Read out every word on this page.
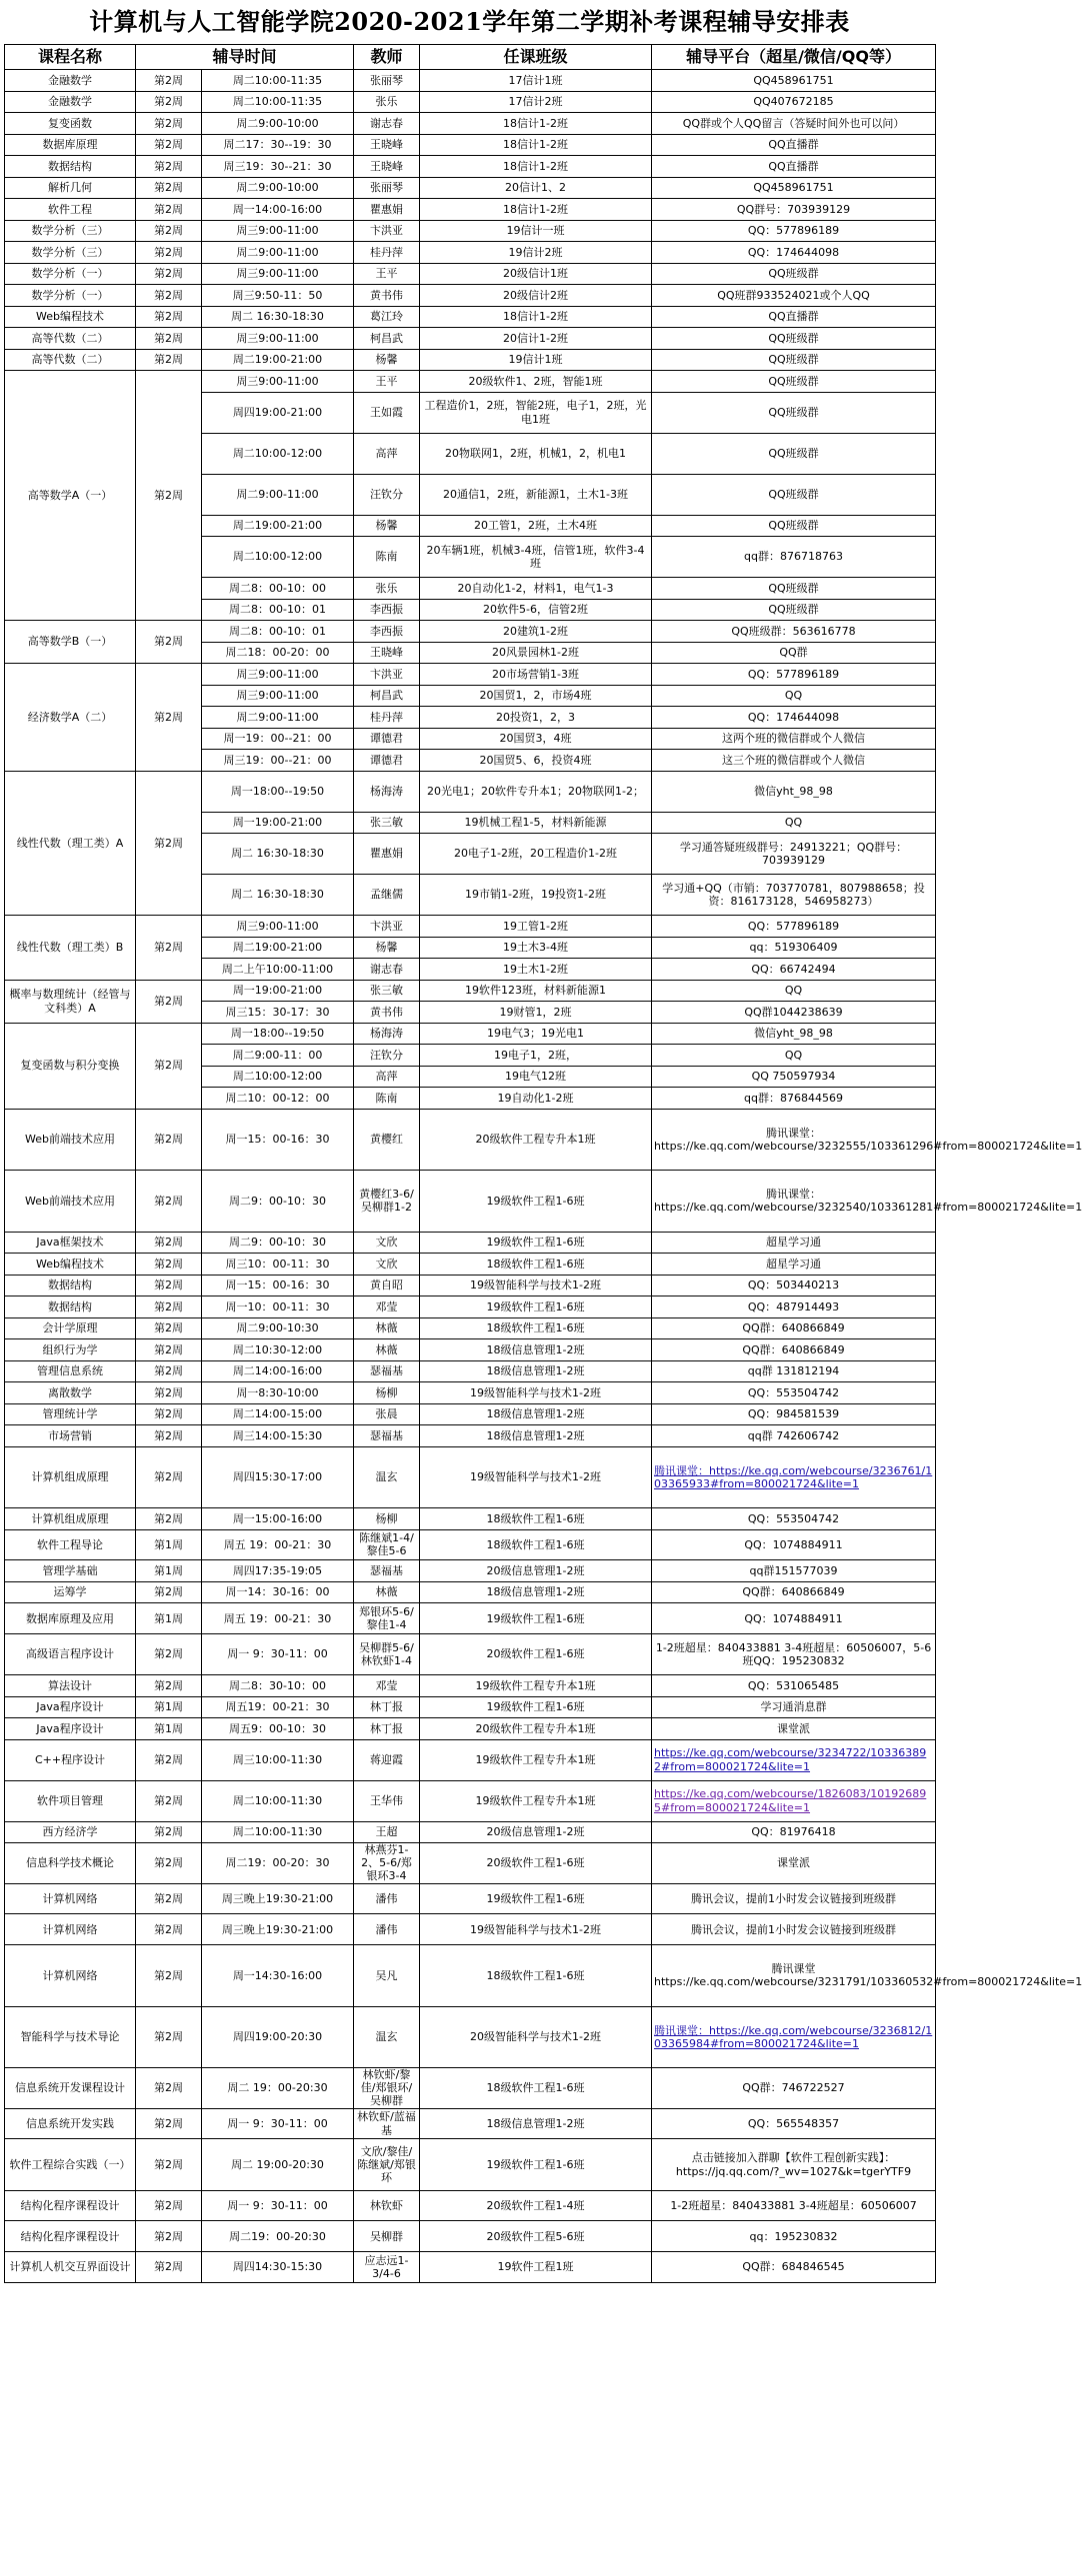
计算机与人工智能学院2020-2021学年第二学期补考课程辅导安排表
课程名称	辅导时间		教师	任课班级	辅导平台（超星/微信/QQ等）
金融数学	第2周	周二10:00-11:35	张丽琴	17信计1班	QQ458961751
金融数学	第2周	周二10:00-11:35	张乐	17信计2班	QQ407672185
复变函数	第2周	周二9:00-10:00	谢志春	18信计1-2班	QQ群或个人QQ留言（答疑时间外也可以问）
数据库原理	第2周	周二17：30--19：30	王晓峰	18信计1-2班	QQ直播群
数据结构	第2周	周三19：30--21：30	王晓峰	18信计1-2班	QQ直播群
解析几何	第2周	周二9:00-10:00	张丽琴	20信计1、2	QQ458961751
软件工程	第2周	周一14:00-16:00	瞿惠娟	18信计1-2班	QQ群号：703939129
数学分析（三）	第2周	周三9:00-11:00	卞洪亚	19信计一班	QQ：577896189
数学分析（三）	第2周	周二9:00-11:00	桂丹萍	19信计2班	QQ：174644098
数学分析（一）	第2周	周三9:00-11:00	王平	20级信计1班	QQ班级群
数学分析（一）	第2周	周三9:50-11：50	黄书伟	20级信计2班	QQ班群933524021或个人QQ
Web编程技术	第2周	周二 16:30-18:30	葛江玲	18信计1-2班	QQ直播群
高等代数（二）	第2周	周三9:00-11:00	柯昌武	20信计1-2班	QQ班级群
高等代数（二）	第2周	周二19:00-21:00	杨馨	19信计1班	QQ班级群
高等数学A（一）	第2周	周三9:00-11:00	王平	20级软件1、2班，智能1班	QQ班级群
		周四19:00-21:00	王如霞	工程造价1，2班，智能2班，电子1，2班，光电1班	QQ班级群
		周二10:00-12:00	高萍	20物联网1，2班，机械1，2，机电1	QQ班级群
		周二9:00-11:00	汪钦分	20通信1，2班，新能源1，土木1-3班	QQ班级群
		周二19:00-21:00	杨馨	20工管1，2班，土木4班	QQ班级群
		周二10:00-12:00	陈南	20车辆1班，机械3-4班，信管1班，软件3-4班	qq群：876718763
		周二8：00-10：00	张乐	20自动化1-2，材料1，电气1-3	QQ班级群
		周二8：00-10：01	李西振	20软件5-6，信管2班	QQ班级群
高等数学B（一）	第2周	周二8：00-10：01	李西振	20建筑1-2班	QQ班级群：563616778
		周二18：00-20：00	王晓峰	20风景园林1-2班	QQ群
经济数学A（二）	第2周	周三9:00-11:00	卞洪亚	20市场营销1-3班	QQ：577896189
		周三9:00-11:00	柯昌武	20国贸1，2，市场4班	QQ
		周二9:00-11:00	桂丹萍	20投资1，2，3	QQ：174644098
		周一19：00--21：00	谭德君	20国贸3，4班	这两个班的微信群或个人微信
		周三19：00--21：00	谭德君	20国贸5、6，投资4班	这三个班的微信群或个人微信
线性代数（理工类）A	第2周	周一18:00--19:50	杨海涛	20光电1；20软件专升本1；20物联网1-2；	微信yht_98_98
		周一19:00-21:00	张三敏	19机械工程1-5，材料新能源	QQ
		周二 16:30-18:30	瞿惠娟	20电子1-2班，20工程造价1-2班	学习通答疑班级群号：24913221；QQ群号：703939129
		周二 16:30-18:30	孟继儒	19市销1-2班，19投资1-2班	学习通+QQ（市销：703770781，807988658；投资：816173128，546958273）
线性代数（理工类）B	第2周	周三9:00-11:00	卞洪亚	19工管1-2班	QQ：577896189
		周二19:00-21:00	杨馨	19土木3-4班	qq：519306409
		周二上午10:00-11:00	谢志春	19土木1-2班	QQ：66742494
概率与数理统计（经管与文科类）A	第2周	周一19:00-21:00	张三敏	19软件123班，材料新能源1	QQ
		周三15：30-17：30	黄书伟	19财管1，2班	QQ群1044238639
复变函数与积分变换	第2周	周一18:00--19:50	杨海涛	19电气3；19光电1	微信yht_98_98
		周二9:00-11：00	汪钦分	19电子1，2班，	QQ
		周二10:00-12:00	高萍	19电气12班	QQ 750597934
		周二10：00-12：00	陈南	19自动化1-2班	qq群：876844569
Web前端技术应用	第2周	周一15：00-16：30	黄樱红	20级软件工程专升本1班	腾讯课堂：https://ke.qq.com/webcourse/3232555/103361296#from=800021724&lite=1
Web前端技术应用	第2周	周二9：00-10：30	黄樱红3-6/吴柳群1-2	19级软件工程1-6班	腾讯课堂：https://ke.qq.com/webcourse/3232540/103361281#from=800021724&lite=1
Java框架技术	第2周	周二9：00-10：30	文欣	19级软件工程1-6班	超星学习通
Web编程技术	第2周	周三10：00-11：30	文欣	18级软件工程1-6班	超星学习通
数据结构	第2周	周一15：00-16：30	黄自昭	19级智能科学与技术1-2班	QQ：503440213
数据结构	第2周	周一10：00-11：30	邓莹	19级软件工程1-6班	QQ：487914493
会计学原理	第2周	周二9:00-10:30	林薇	18级软件工程1-6班	QQ群：640866849
组织行为学	第2周	周二10:30-12:00	林薇	18级信息管理1-2班	QQ群：640866849
管理信息系统	第2周	周二14:00-16:00	瑟福基	18级信息管理1-2班	qq群 131812194
离散数学	第2周	周一8:30-10:00	杨柳	19级智能科学与技术1-2班	QQ：553504742
管理统计学	第2周	周二14:00-15:00	张晨	18级信息管理1-2班	QQ：984581539
市场营销	第2周	周三14:00-15:30	瑟福基	18级信息管理1-2班	qq群 742606742
计算机组成原理	第2周	周四15:30-17:00	温玄	19级智能科学与技术1-2班	腾讯课堂：https://ke.qq.com/webcourse/3236761/103365933#from=800021724&lite=1
计算机组成原理	第2周	周一15:00-16:00	杨柳	18级软件工程1-6班	QQ：553504742
软件工程导论	第1周	周五 19：00-21：30	陈继斌1-4/黎佳5-6	18级软件工程1-6班	QQ：1074884911
管理学基础	第1周	周四17:35-19:05	瑟福基	20级信息管理1-2班	qq群151577039
运筹学	第2周	周一14：30-16：00	林薇	18级信息管理1-2班	QQ群：640866849
数据库原理及应用	第1周	周五 19：00-21：30	郑银环5-6/黎佳1-4	19级软件工程1-6班	QQ：1074884911
高级语言程序设计	第2周	周一 9：30-11：00	吴柳群5-6/林钦虾1-4	20级软件工程1-6班	1-2班超星：840433881 3-4班超星：60506007，5-6班QQ：195230832
算法设计	第2周	周二8：30-10：00	邓莹	19级软件工程专升本1班	QQ：531065485
Java程序设计	第1周	周五19：00-21：30	林丁报	19级软件工程1-6班	学习通消息群
Java程序设计	第1周	周五9：00-10：30	林丁报	20级软件工程专升本1班	课堂派
C++程序设计	第2周	周三10:00-11:30	蒋迎霞	19级软件工程专升本1班	https://ke.qq.com/webcourse/3234722/103363892#from=800021724&lite=1
软件项目管理	第2周	周二10:00-11:30	王华伟	19级软件工程专升本1班	https://ke.qq.com/webcourse/1826083/101926895#from=800021724&lite=1
西方经济学	第2周	周二10:00-11:30	王超	20级信息管理1-2班	QQ：81976418
信息科学技术概论	第2周	周二19：00-20：30	林燕芬1-2、5-6/郑银环3-4	20级软件工程1-6班	课堂派
计算机网络	第2周	周三晚上19:30-21:00	潘伟	19级软件工程1-6班	腾讯会议，提前1小时发会议链接到班级群
计算机网络	第2周	周三晚上19:30-21:00	潘伟	19级智能科学与技术1-2班	腾讯会议，提前1小时发会议链接到班级群
计算机网络	第2周	周一14:30-16:00	吴凡	18级软件工程1-6班	腾讯课堂https://ke.qq.com/webcourse/3231791/103360532#from=800021724&lite=1
智能科学与技术导论	第2周	周四19:00-20:30	温玄	20级智能科学与技术1-2班	腾讯课堂：https://ke.qq.com/webcourse/3236812/103365984#from=800021724&lite=1
信息系统开发课程设计	第2周	周二 19：00-20:30	林钦虾/黎佳/郑银环/吴柳群	18级软件工程1-6班	QQ群：746722527
信息系统开发实践	第2周	周一 9：30-11：00	林钦虾/蓝福基	18级信息管理1-2班	QQ：565548357
软件工程综合实践（一）	第2周	周二 19:00-20:30	文欣/黎佳/陈继斌/郑银环	19级软件工程1-6班	点击链接加入群聊【软件工程创新实践】：https://jq.qq.com/?_wv=1027&k=tgerYTF9
结构化程序课程设计	第2周	周一 9：30-11：00	林钦虾	20级软件工程1-4班	1-2班超星：840433881 3-4班超星：60506007
结构化程序课程设计	第2周	周二19：00-20:30	吴柳群	20级软件工程5-6班	qq：195230832
计算机人机交互界面设计	第2周	周四14:30-15:30	应志远1-3/4-6	19软件工程1班	QQ群：684846545
